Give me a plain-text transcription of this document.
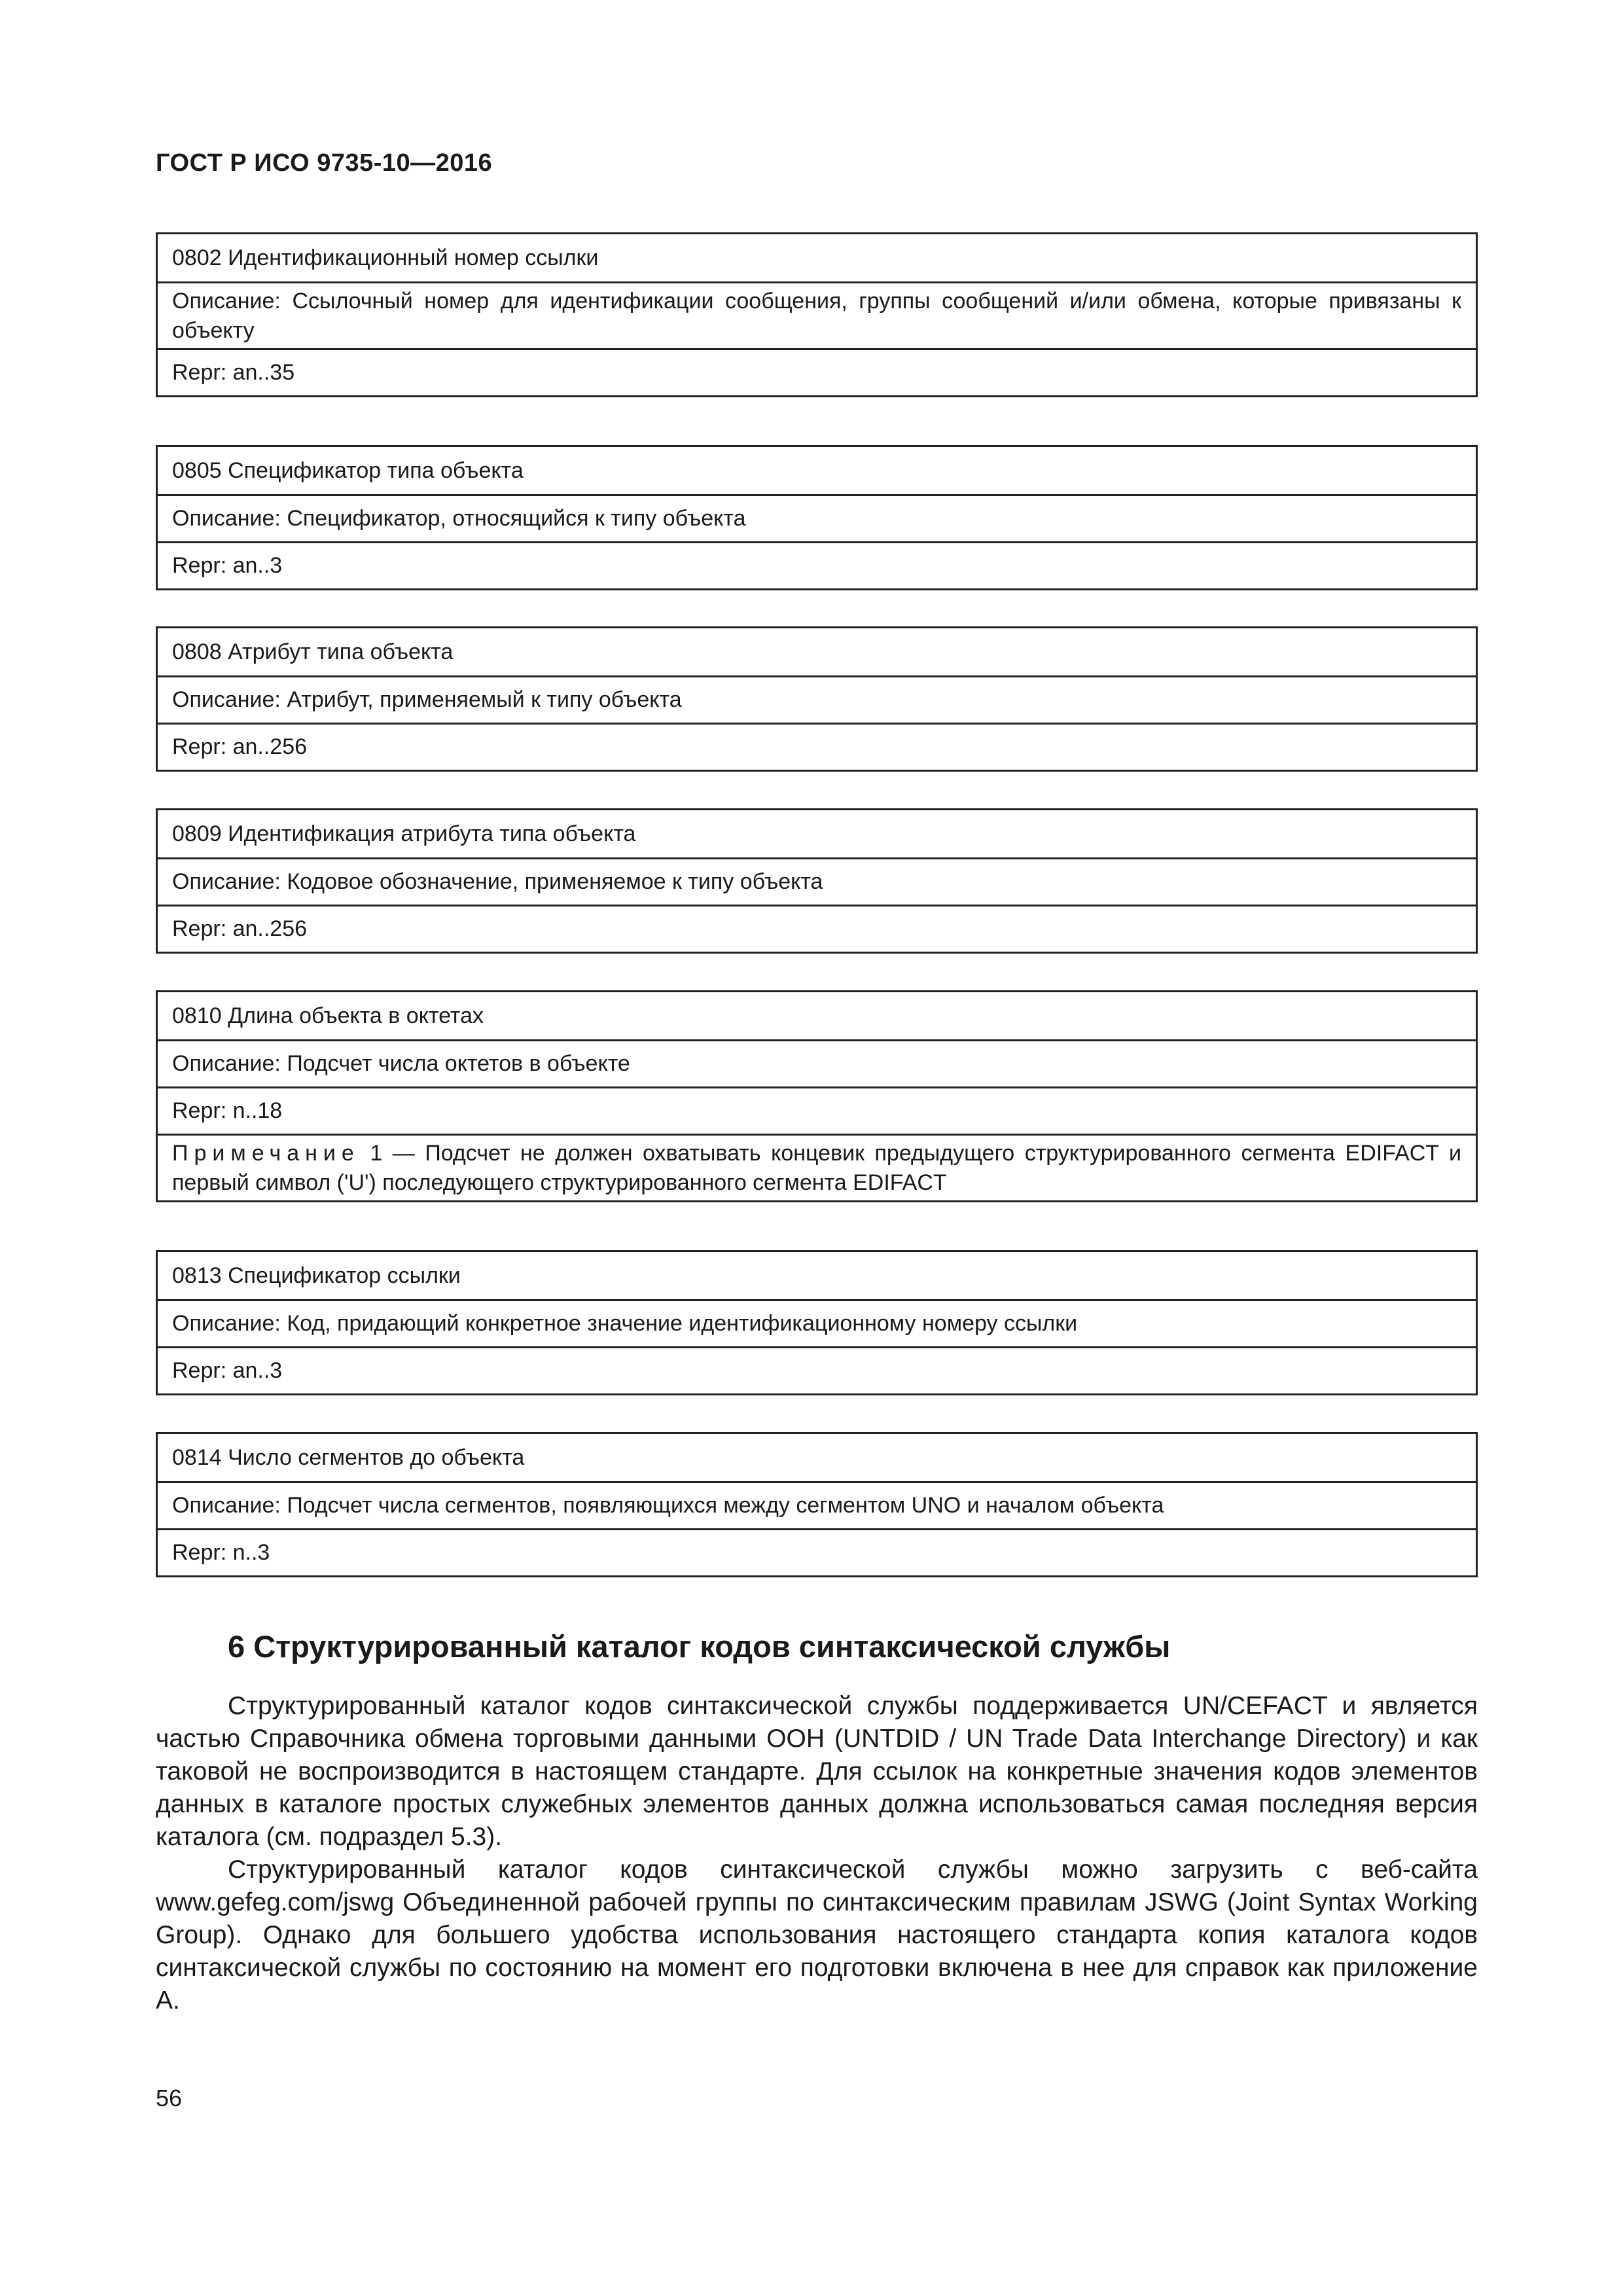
ГОСТ Р ИСО 9735-10—2016
0802 Идентификационный номер ссылки
Описание: Ссылочный номер для идентификации сообщения, группы сообщений и/или обмена, которые привязаны к объекту
Repr: an..35
0805 Спецификатор типа объекта
Описание: Спецификатор, относящийся к типу объекта
Repr: an..3
0808 Атрибут типа объекта
Описание: Атрибут, применяемый к типу объекта
Repr: an..256
0809 Идентификация атрибута типа объекта
Описание: Кодовое обозначение, применяемое к типу объекта
Repr: an..256
0810 Длина объекта в октетах
Описание: Подсчет числа октетов в объекте
Repr: n..18
Примечание 1 — Подсчет не должен охватывать концевик предыдущего структурированного сегмента EDIFACT и первый символ ('U') последующего структурированного сегмента EDIFACT
0813 Спецификатор ссылки
Описание: Код, придающий конкретное значение идентификационному номеру ссылки
Repr: an..3
0814 Число сегментов до объекта
Описание: Подсчет числа сегментов, появляющихся между сегментом UNO и началом объекта
Repr: n..3
6 Структурированный каталог кодов синтаксической службы

Структурированный каталог кодов синтаксической службы поддерживается UN/CEFACT и является частью Справочника обмена торговыми данными ООН (UNTDID / UN Trade Data Interchange Directory) и как таковой не воспроизводится в настоящем стандарте. Для ссылок на конкретные значения кодов элементов данных в каталоге простых служебных элементов данных должна использоваться самая последняя версия каталога (см. подраздел 5.3).

Структурированный каталог кодов синтаксической службы можно загрузить с веб-сайта www.gefeg.com/jswg Объединенной рабочей группы по синтаксическим правилам JSWG (Joint Syntax Working Group). Однако для большего удобства использования настоящего стандарта копия каталога кодов синтаксической службы по состоянию на момент его подготовки включена в нее для справок как приложение А.

56
